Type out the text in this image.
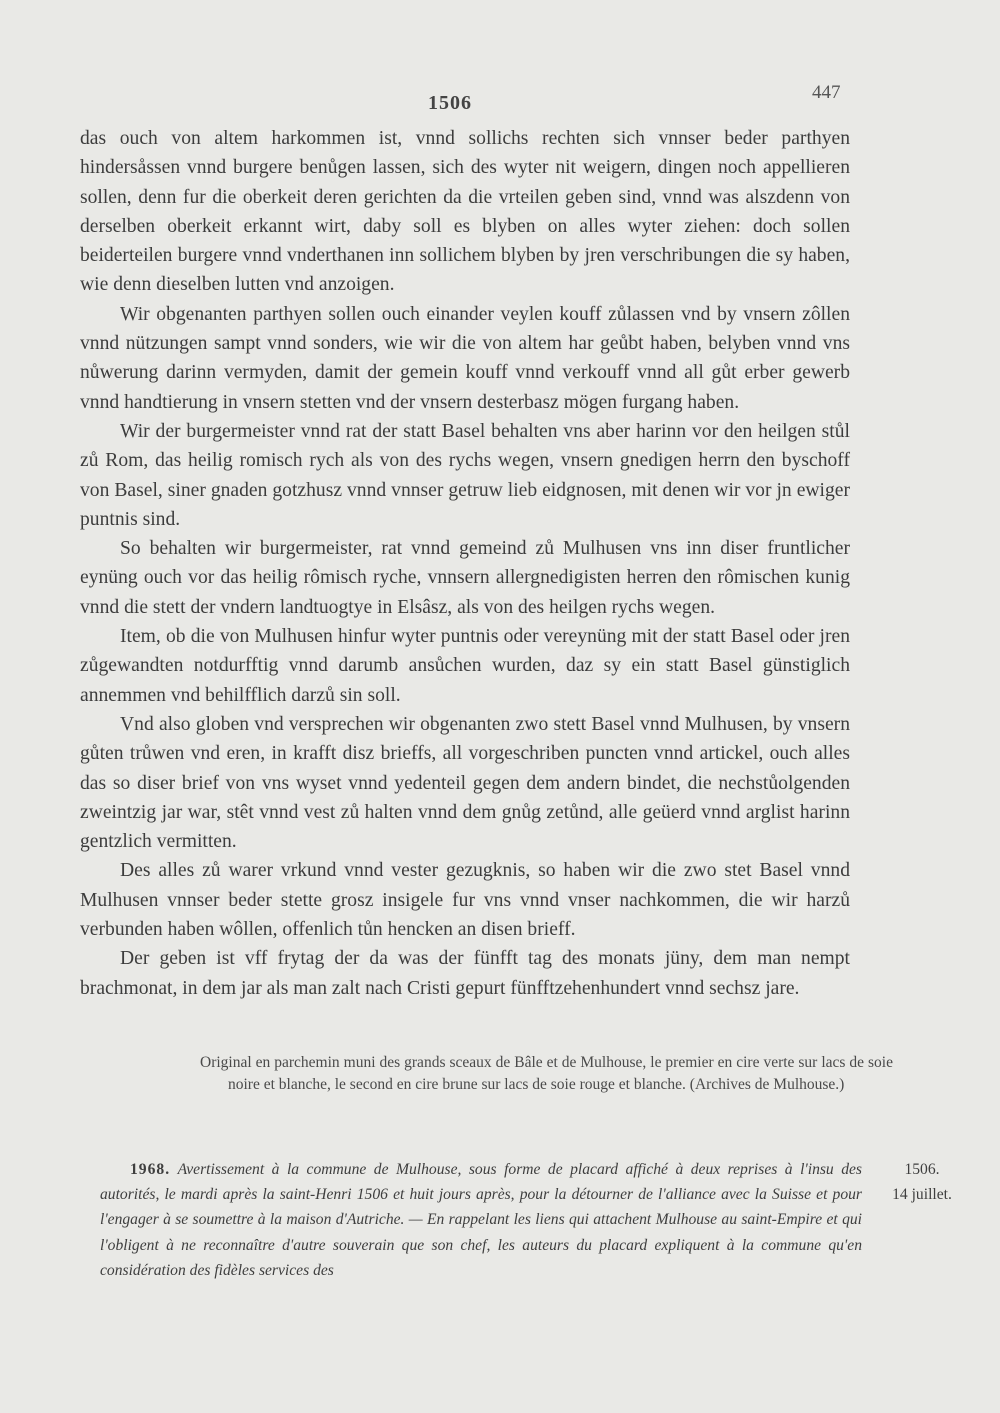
1506	447

das ouch von altem harkommen ist, vnnd sollichs rechten sich vnnser beder parthyen hindersåssen vnnd burgere benůgen lassen, sich des wyter nit weigern, dingen noch appellieren sollen, denn fur die oberkeit deren gerichten da die vrteilen geben sind, vnnd was alszdenn von derselben oberkeit erkannt wirt, daby soll es blyben on alles wyter ziehen: doch sollen beiderteilen burgere vnnd vnderthanen inn sollichem blyben by jren verschribungen die sy haben, wie denn dieselben lutten vnd anzoigen.

Wir obgenanten parthyen sollen ouch einander veylen kouff zůlassen vnd by vnsern zôllen vnnd nützungen sampt vnnd sonders, wie wir die von altem har geůbt haben, belyben vnnd vns nůwerung darinn vermyden, damit der gemein kouff vnnd verkouff vnnd all gůt erber gewerb vnnd handtierung in vnsern stetten vnd der vnsern desterbasz mögen furgang haben.

Wir der burgermeister vnnd rat der statt Basel behalten vns aber harinn vor den heilgen stůl zů Rom, das heilig romisch rych als von des rychs wegen, vnsern gnedigen herrn den byschoff von Basel, siner gnaden gotzhusz vnnd vnnser getruw lieb eidgnosen, mit denen wir vor jn ewiger puntnis sind.

So behalten wir burgermeister, rat vnnd gemeind zů Mulhusen vns inn diser fruntlicher eynüng ouch vor das heilig rômisch ryche, vnnsern allergnedigisten herren den rômischen kunig vnnd die stett der vndern landtuogtye in Elsâsz, als von des heilgen rychs wegen.

Item, ob die von Mulhusen hinfur wyter puntnis oder vereynüng mit der statt Basel oder jren zůgewandten notdurfftig vnnd darumb ansůchen wurden, daz sy ein statt Basel günstiglich annemmen vnd behilfflich darzů sin soll.

Vnd also globen vnd versprechen wir obgenanten zwo stett Basel vnnd Mulhusen, by vnsern gůten trůwen vnd eren, in krafft disz brieffs, all vorgeschriben puncten vnnd artickel, ouch alles das so diser brief von vns wyset vnnd yedenteil gegen dem andern bindet, die nechstůolgenden zweintzig jar war, stêt vnnd vest zů halten vnnd dem gnůg zetůnd, alle geüerd vnnd arglist harinn gentzlich vermitten.

Des alles zů warer vrkund vnnd vester gezugknis, so haben wir die zwo stet Basel vnnd Mulhusen vnnser beder stette grosz insigele fur vns vnnd vnser nachkommen, die wir harzů verbunden haben wôllen, offenlich tůn hencken an disen brieff.

Der geben ist vff frytag der da was der fünfft tag des monats jüny, dem man nempt brachmonat, in dem jar als man zalt nach Cristi gepurt fünfftzehenhundert vnnd sechsz jare.

Original en parchemin muni des grands sceaux de Bâle et de Mulhouse, le premier en cire verte sur lacs de soie noire et blanche, le second en cire brune sur lacs de soie rouge et blanche. (Archives de Mulhouse.)
1968. Avertissement à la commune de Mulhouse, sous forme de placard affiché à deux reprises à l'insu des autorités, le mardi après la saint-Henri 1506 et huit jours après, pour la détourner de l'alliance avec la Suisse et pour l'engager à se soumettre à la maison d'Autriche. — En rappelant les liens qui attachent Mulhouse au saint-Empire et qui l'obligent à ne reconnaître d'autre souverain que son chef, les auteurs du placard expliquent à la commune qu'en considération des fidèles services des
1506.
14 juillet.
